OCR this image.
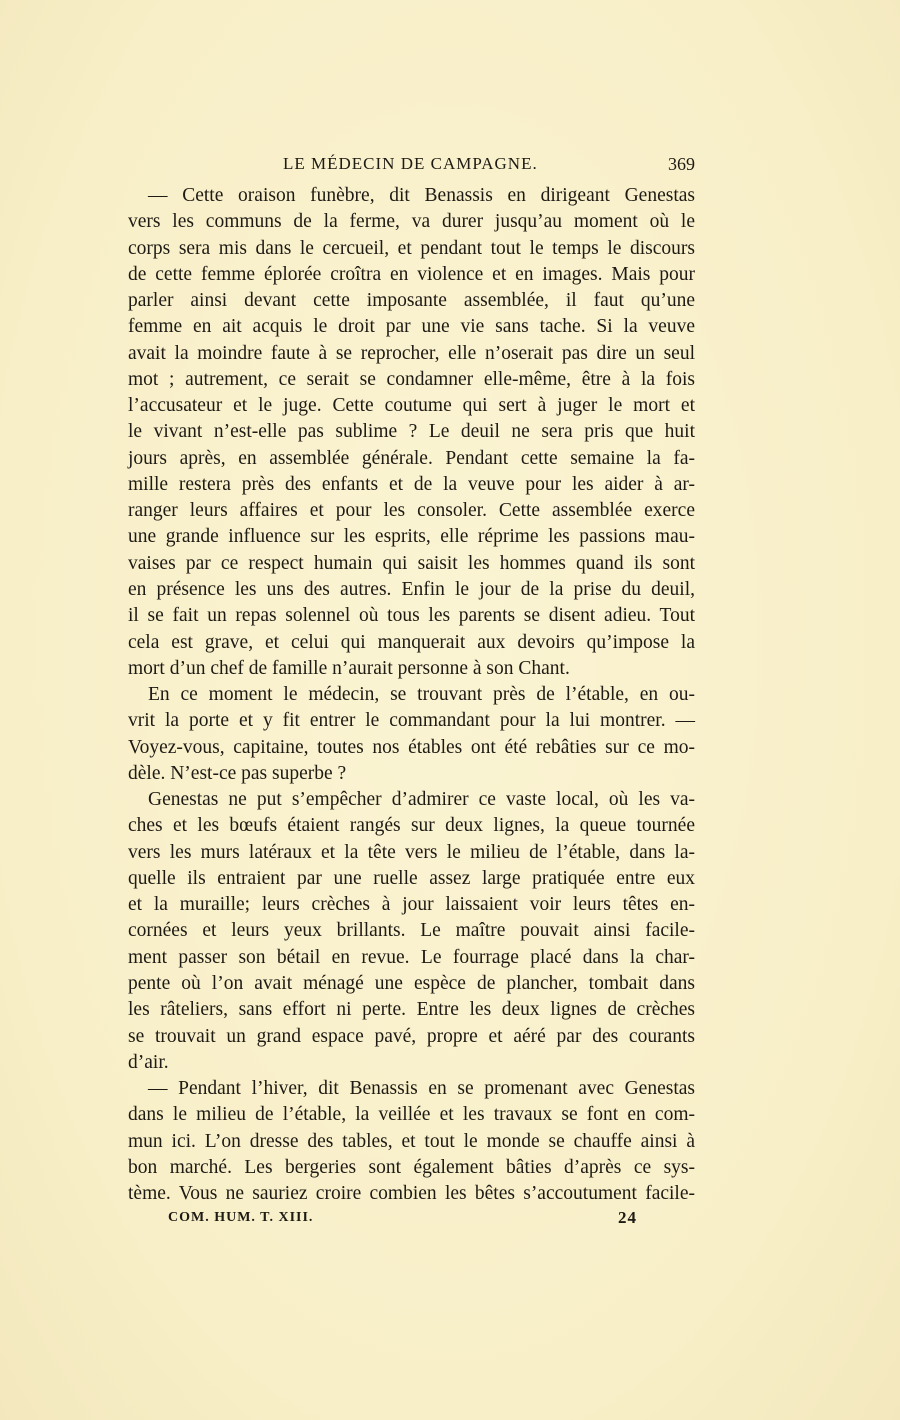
LE MÉDECIN DE CAMPAGNE.	369
— Cette oraison funèbre, dit Benassis en dirigeant Genestas
vers les communs de la ferme, va durer jusqu’au moment où le
corps sera mis dans le cercueil, et pendant tout le temps le discours
de cette femme éplorée croîtra en violence et en images. Mais pour
parler ainsi devant cette imposante assemblée, il faut qu’une
femme en ait acquis le droit par une vie sans tache. Si la veuve
avait la moindre faute à se reprocher, elle n’oserait pas dire un seul
mot ; autrement, ce serait se condamner elle-même, être à la fois
l’accusateur et le juge. Cette coutume qui sert à juger le mort et
le vivant n’est-elle pas sublime ? Le deuil ne sera pris que huit
jours après, en assemblée générale. Pendant cette semaine la fa-
mille restera près des enfants et de la veuve pour les aider à ar-
ranger leurs affaires et pour les consoler. Cette assemblée exerce
une grande influence sur les esprits, elle réprime les passions mau-
vaises par ce respect humain qui saisit les hommes quand ils sont
en présence les uns des autres. Enfin le jour de la prise du deuil,
il se fait un repas solennel où tous les parents se disent adieu. Tout
cela est grave, et celui qui manquerait aux devoirs qu’impose la
mort d’un chef de famille n’aurait personne à son Chant.
En ce moment le médecin, se trouvant près de l’étable, en ou-
vrit la porte et y fit entrer le commandant pour la lui montrer. —
Voyez-vous, capitaine, toutes nos étables ont été rebâties sur ce mo-
dèle. N’est-ce pas superbe ?
Genestas ne put s’empêcher d’admirer ce vaste local, où les va-
ches et les bœufs étaient rangés sur deux lignes, la queue tournée
vers les murs latéraux et la tête vers le milieu de l’étable, dans la-
quelle ils entraient par une ruelle assez large pratiquée entre eux
et la muraille; leurs crèches à jour laissaient voir leurs têtes en-
cornées et leurs yeux brillants. Le maître pouvait ainsi facile-
ment passer son bétail en revue. Le fourrage placé dans la char-
pente où l’on avait ménagé une espèce de plancher, tombait dans
les râteliers, sans effort ni perte. Entre les deux lignes de crèches
se trouvait un grand espace pavé, propre et aéré par des courants
d’air.
— Pendant l’hiver, dit Benassis en se promenant avec Genestas
dans le milieu de l’étable, la veillée et les travaux se font en com-
mun ici. L’on dresse des tables, et tout le monde se chauffe ainsi à
bon marché. Les bergeries sont également bâties d’après ce sys-
tème. Vous ne sauriez croire combien les bêtes s’accoutument facile-
COM. HUM. T. XIII.	24
